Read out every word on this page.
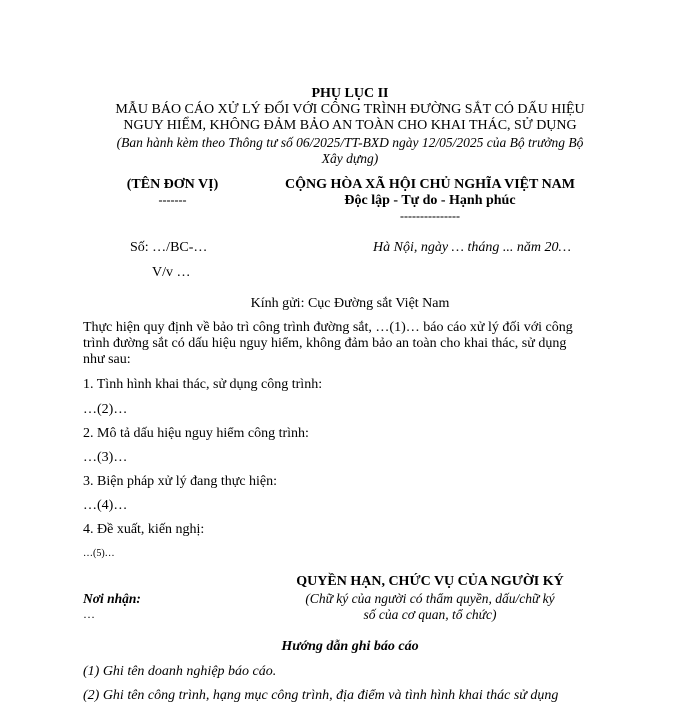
PHỤ LỤC II
MẪU BÁO CÁO XỬ LÝ ĐỐI VỚI CÔNG TRÌNH ĐƯỜNG SẮT CÓ DẤU HIỆU
NGUY HIỂM, KHÔNG ĐẢM BẢO AN TOÀN CHO KHAI THÁC, SỬ DỤNG
(Ban hành kèm theo Thông tư số 06/2025/TT-BXD ngày 12/05/2025 của Bộ trưởng Bộ
Xây dựng)
(TÊN ĐƠN VỊ)
-------
Số: …/BC-…
V/v …
CỘNG HÒA XÃ HỘI CHỦ NGHĨA VIỆT NAM
Độc lập - Tự do - Hạnh phúc
---------------
Hà Nội, ngày … tháng ... năm 20…
Kính gửi: Cục Đường sắt Việt Nam
Thực hiện quy định về bảo trì công trình đường sắt, …(1)… báo cáo xử lý đối với công
trình đường sắt có dấu hiệu nguy hiểm, không đảm bảo an toàn cho khai thác, sử dụng
như sau:
1. Tình hình khai thác, sử dụng công trình:
…(2)…
2. Mô tả dấu hiệu nguy hiểm công trình:
…(3)…
3. Biện pháp xử lý đang thực hiện:
…(4)…
4. Đề xuất, kiến nghị:
…(5)…
QUYỀN HẠN, CHỨC VỤ CỦA NGƯỜI KÝ
(Chữ ký của người có thẩm quyền, dấu/chữ ký
số của cơ quan, tổ chức)
Nơi nhận:
…
Hướng dẫn ghi báo cáo
(1) Ghi tên doanh nghiệp báo cáo.
(2) Ghi tên công trình, hạng mục công trình, địa điểm và tình hình khai thác sử dụng
